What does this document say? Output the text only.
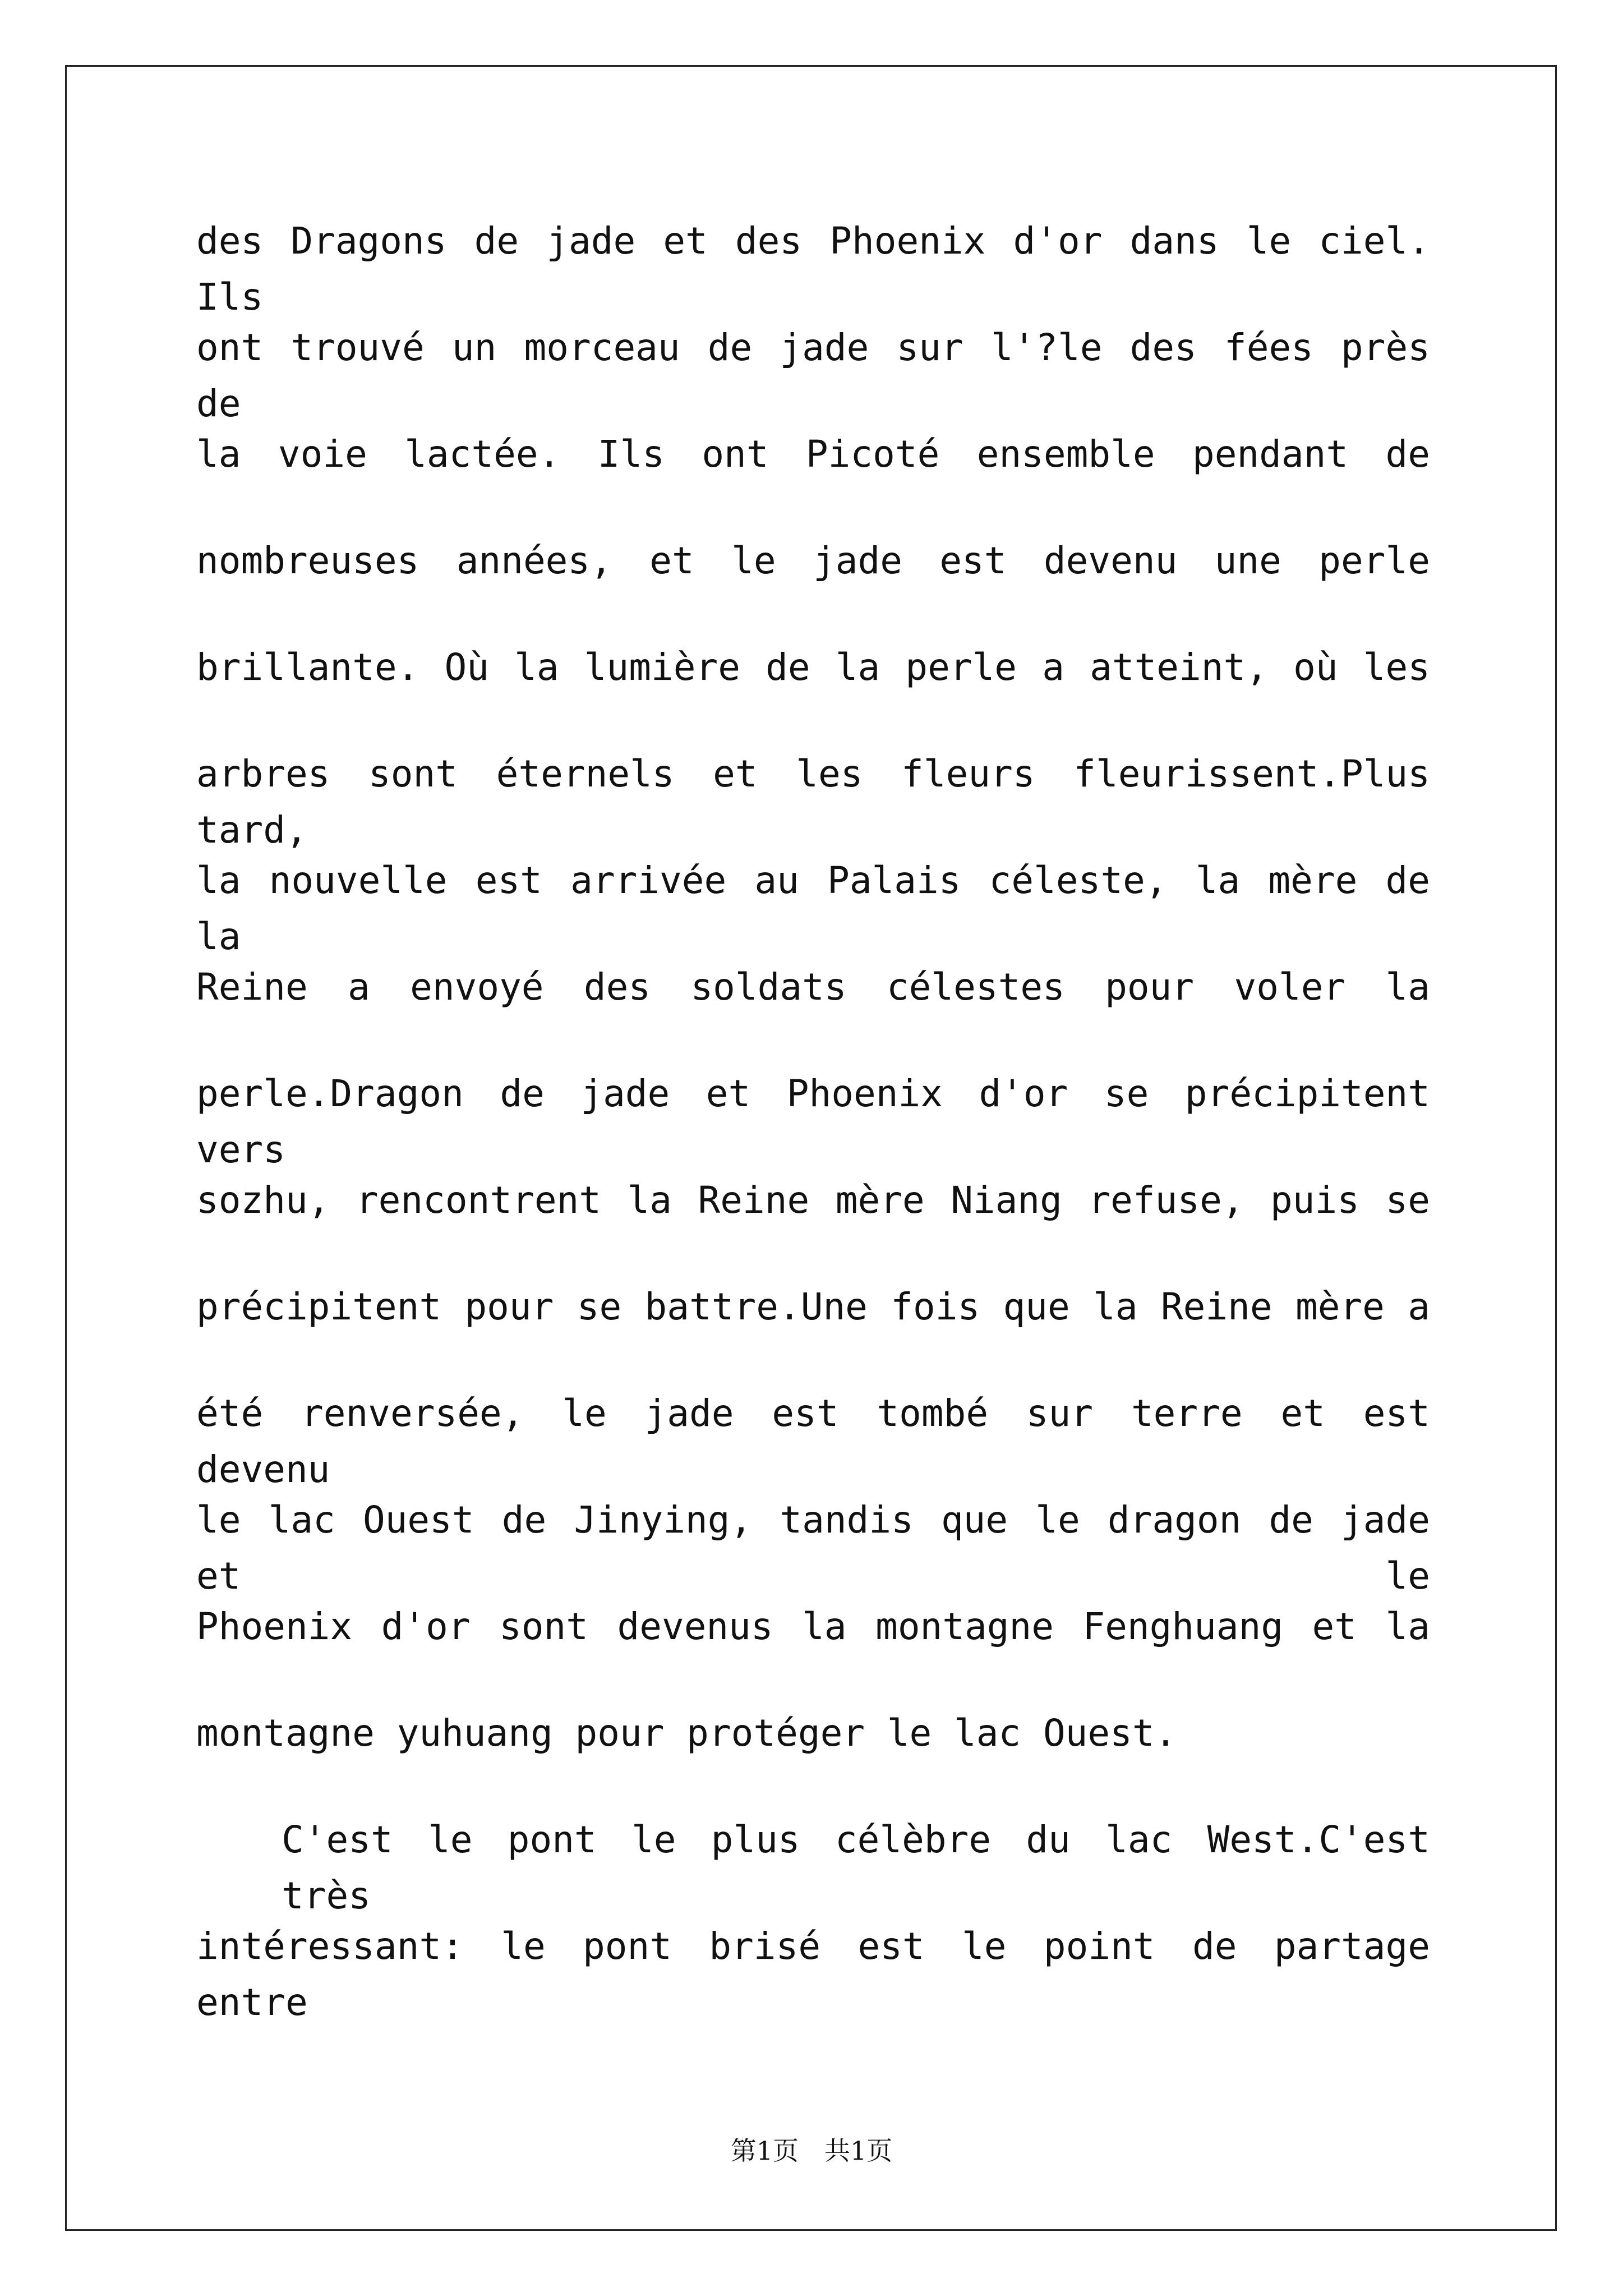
des Dragons de jade et des Phoenix d'or dans le ciel. Ils
ont trouvé un morceau de jade sur l'?le des fées près de
la voie lactée. Ils ont Picoté ensemble pendant de
nombreuses années, et le jade est devenu une perle
brillante. Où la lumière de la perle a atteint, où les
arbres sont éternels et les fleurs fleurissent.Plus tard,
la nouvelle est arrivée au Palais céleste, la mère de la
Reine a envoyé des soldats célestes pour voler la
perle.Dragon de jade et Phoenix d'or se précipitent vers
sozhu, rencontrent la Reine mère Niang refuse, puis se
précipitent pour se battre.Une fois que la Reine mère a
été renversée, le jade est tombé sur terre et est devenu
le lac Ouest de Jinying, tandis que le dragon de jade et le
Phoenix d'or sont devenus la montagne Fenghuang et la
montagne yuhuang pour protéger le lac Ouest.
C'est le pont le plus célèbre du lac West.C'est très
intéressant: le pont brisé est le point de partage entre
第1页　共1页
